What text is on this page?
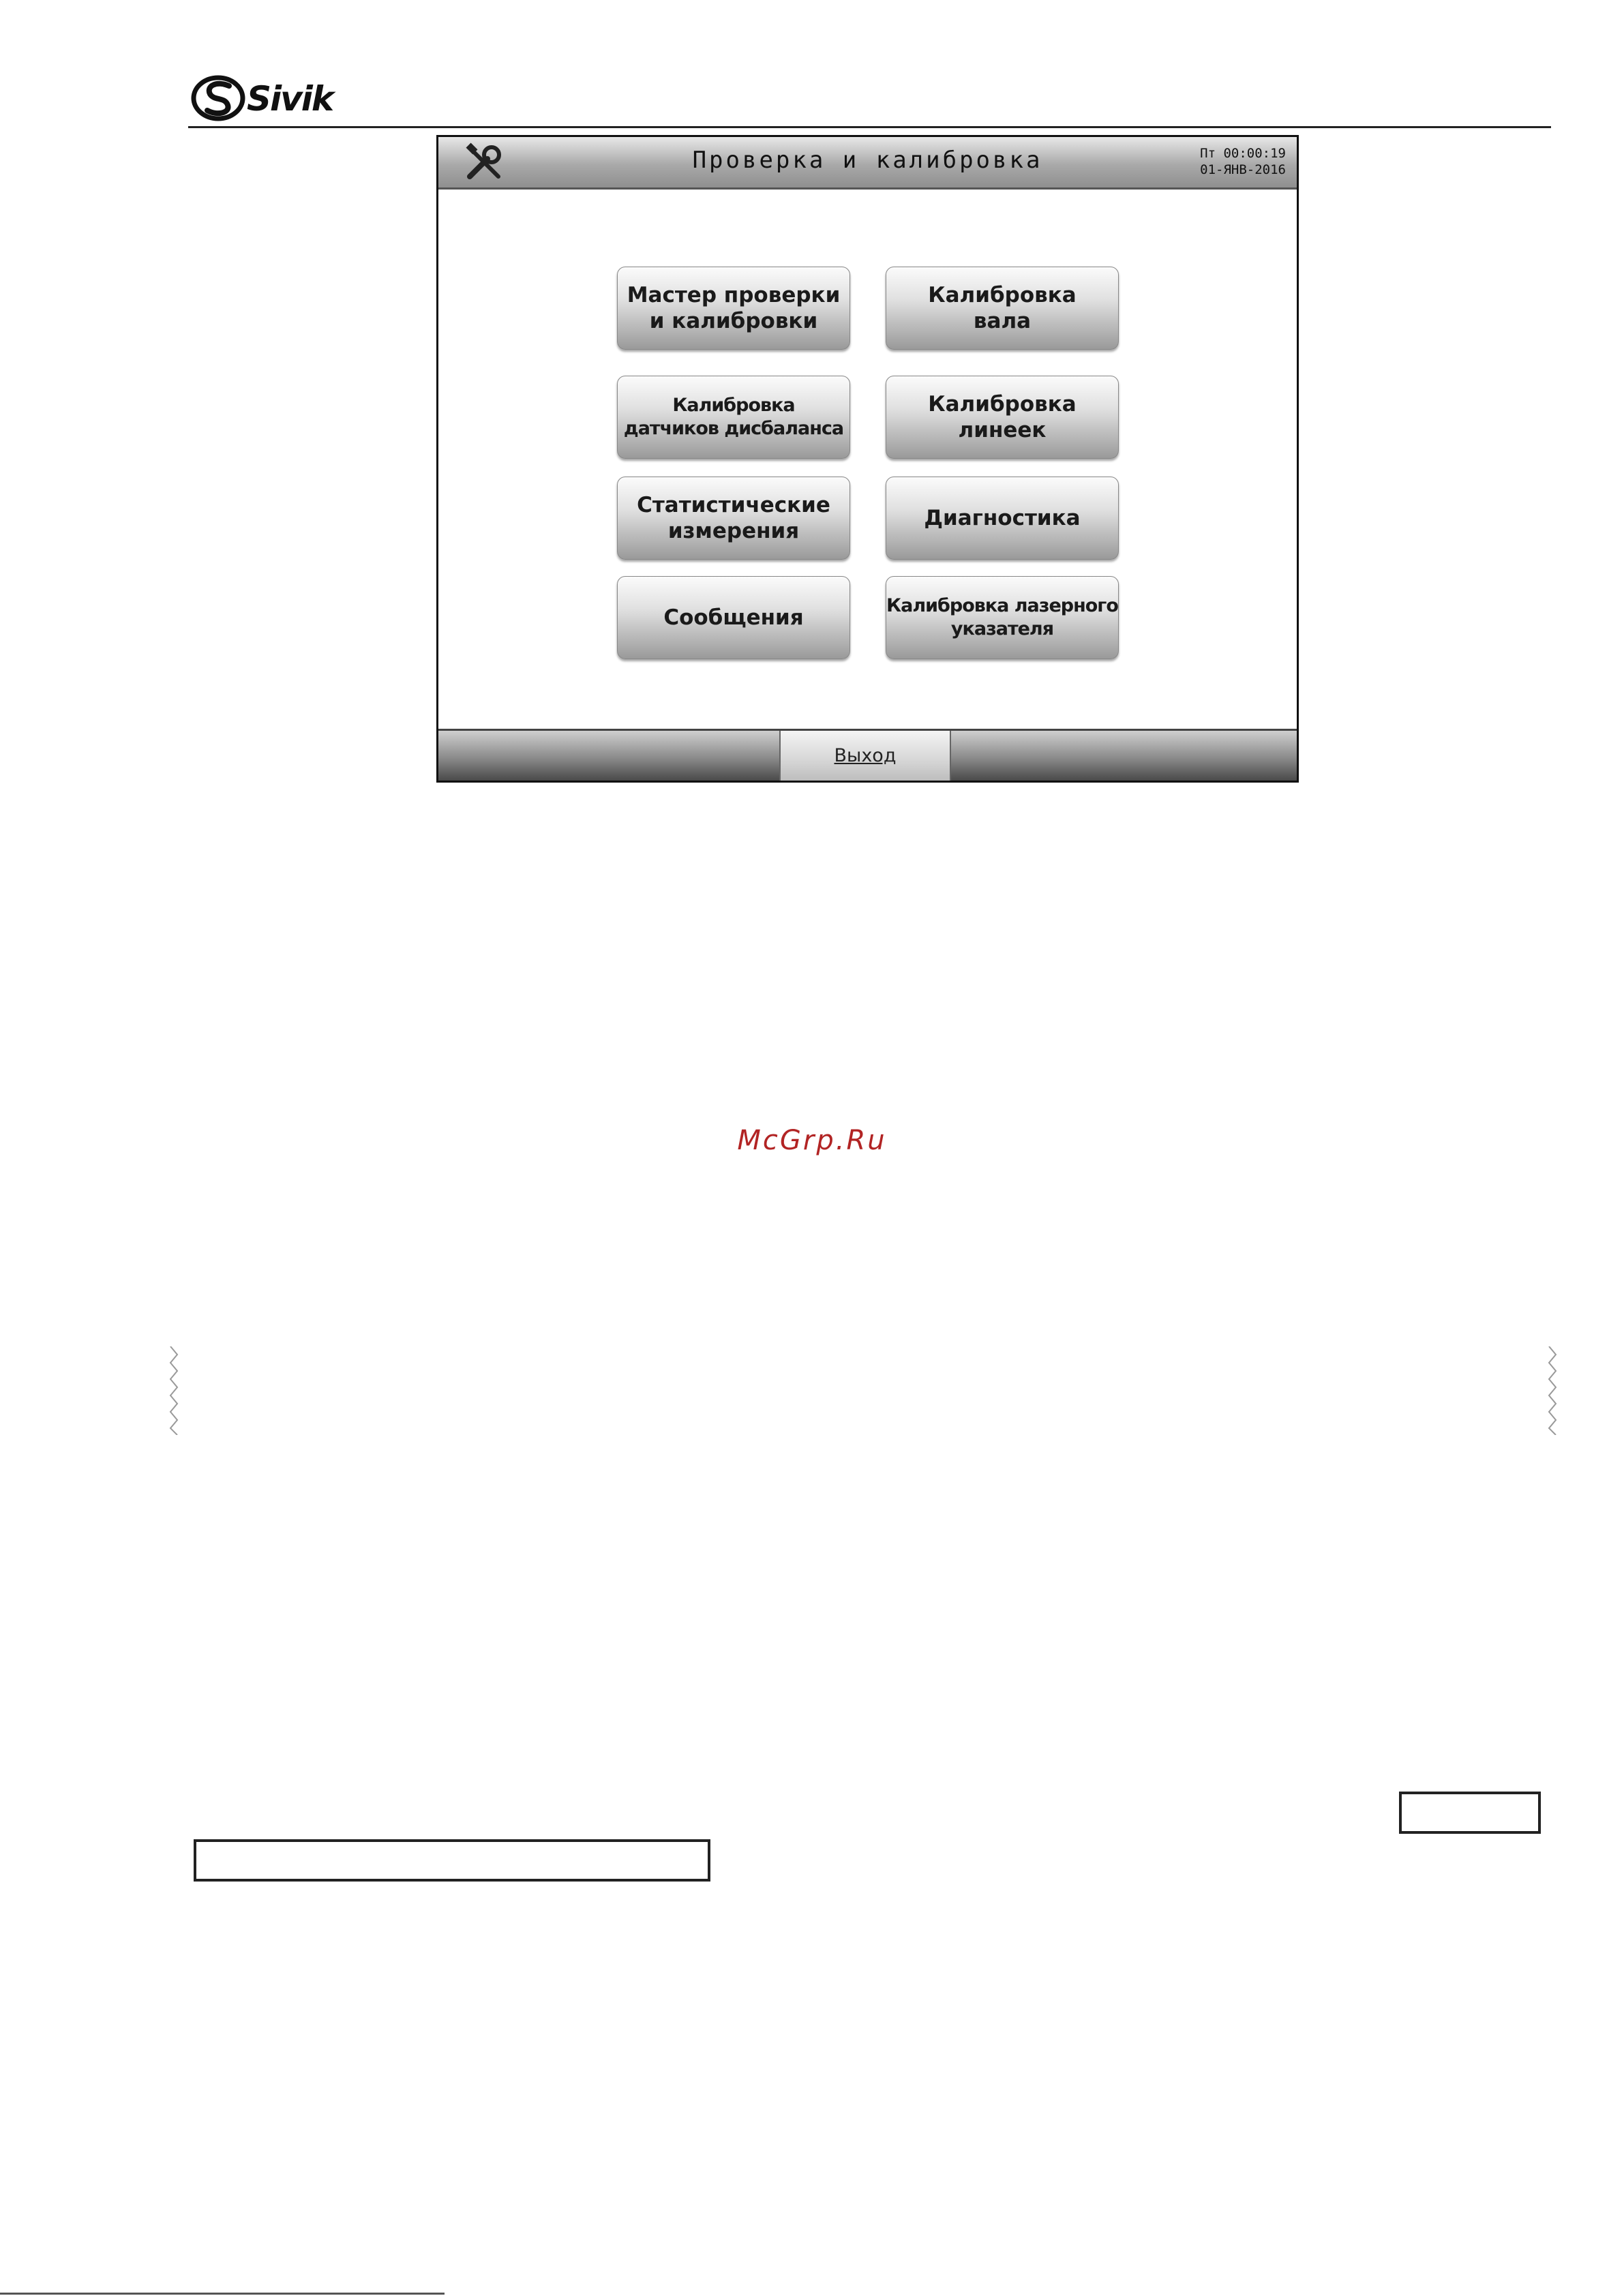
Sivik
Проверка и калибровка	Пт 00:00:19
01-ЯНВ-2016
Мастер проверки
и калибровки
Калибровка
вала
Калибровка
датчиков дисбаланса
Калибровка
линеек
Статистические
измерения
Диагностика
Сообщения	Калибровка лазерного
указателя
Выход
McGrp.Ru
